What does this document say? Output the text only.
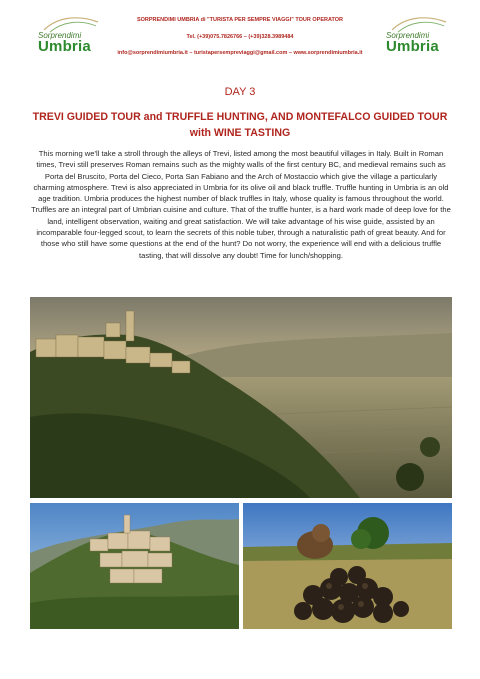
Sorprendimi
Umbria
Sorprendimi
Umbria
SORPRENDIMI UMBRIA di "TURISTA PER SEMPRE VIAGGI" TOUR OPERATOR
Tel. (+39)075.7826766 – (+39)328.3989484
info@sorprendimiumbria.it – turistapersempreviaggi@gmail.com – www.sorprendimiumbria.it
DAY 3
TREVI GUIDED TOUR and TRUFFLE HUNTING, AND MONTEFALCO GUIDED TOUR with WINE TASTING
This morning we'll take a stroll through the alleys of Trevi, listed among the most beautiful villages in Italy. Built in Roman times, Trevi still preserves Roman remains such as the mighty walls of the first century BC, and medieval remains such as Porta del Bruscito, Porta del Cieco, Porta San Fabiano and the Arch of Mostaccio which give the village a particularly charming atmosphere. Trevi is also appreciated in Umbria for its olive oil and black truffle. Truffle hunting in Umbria is an old age tradition. Umbria produces the highest number of black truffles in Italy, whose quality is famous throughout the world. Truffles are an integral part of Umbrian cuisine and culture. That of the truffle hunter, is a hard work made of deep love for the land, intelligent observation, waiting and great satisfaction. We will take advantage of his wise guide, assisted by an incomparable four-legged scout, to learn the secrets of this noble tuber, through a naturalistic path of great beauty. And for those who still have some questions at the end of the hunt? Do not worry, the experience will end with a delicious truffle tasting, that will dissolve any doubt! Time for lunch/shopping.
